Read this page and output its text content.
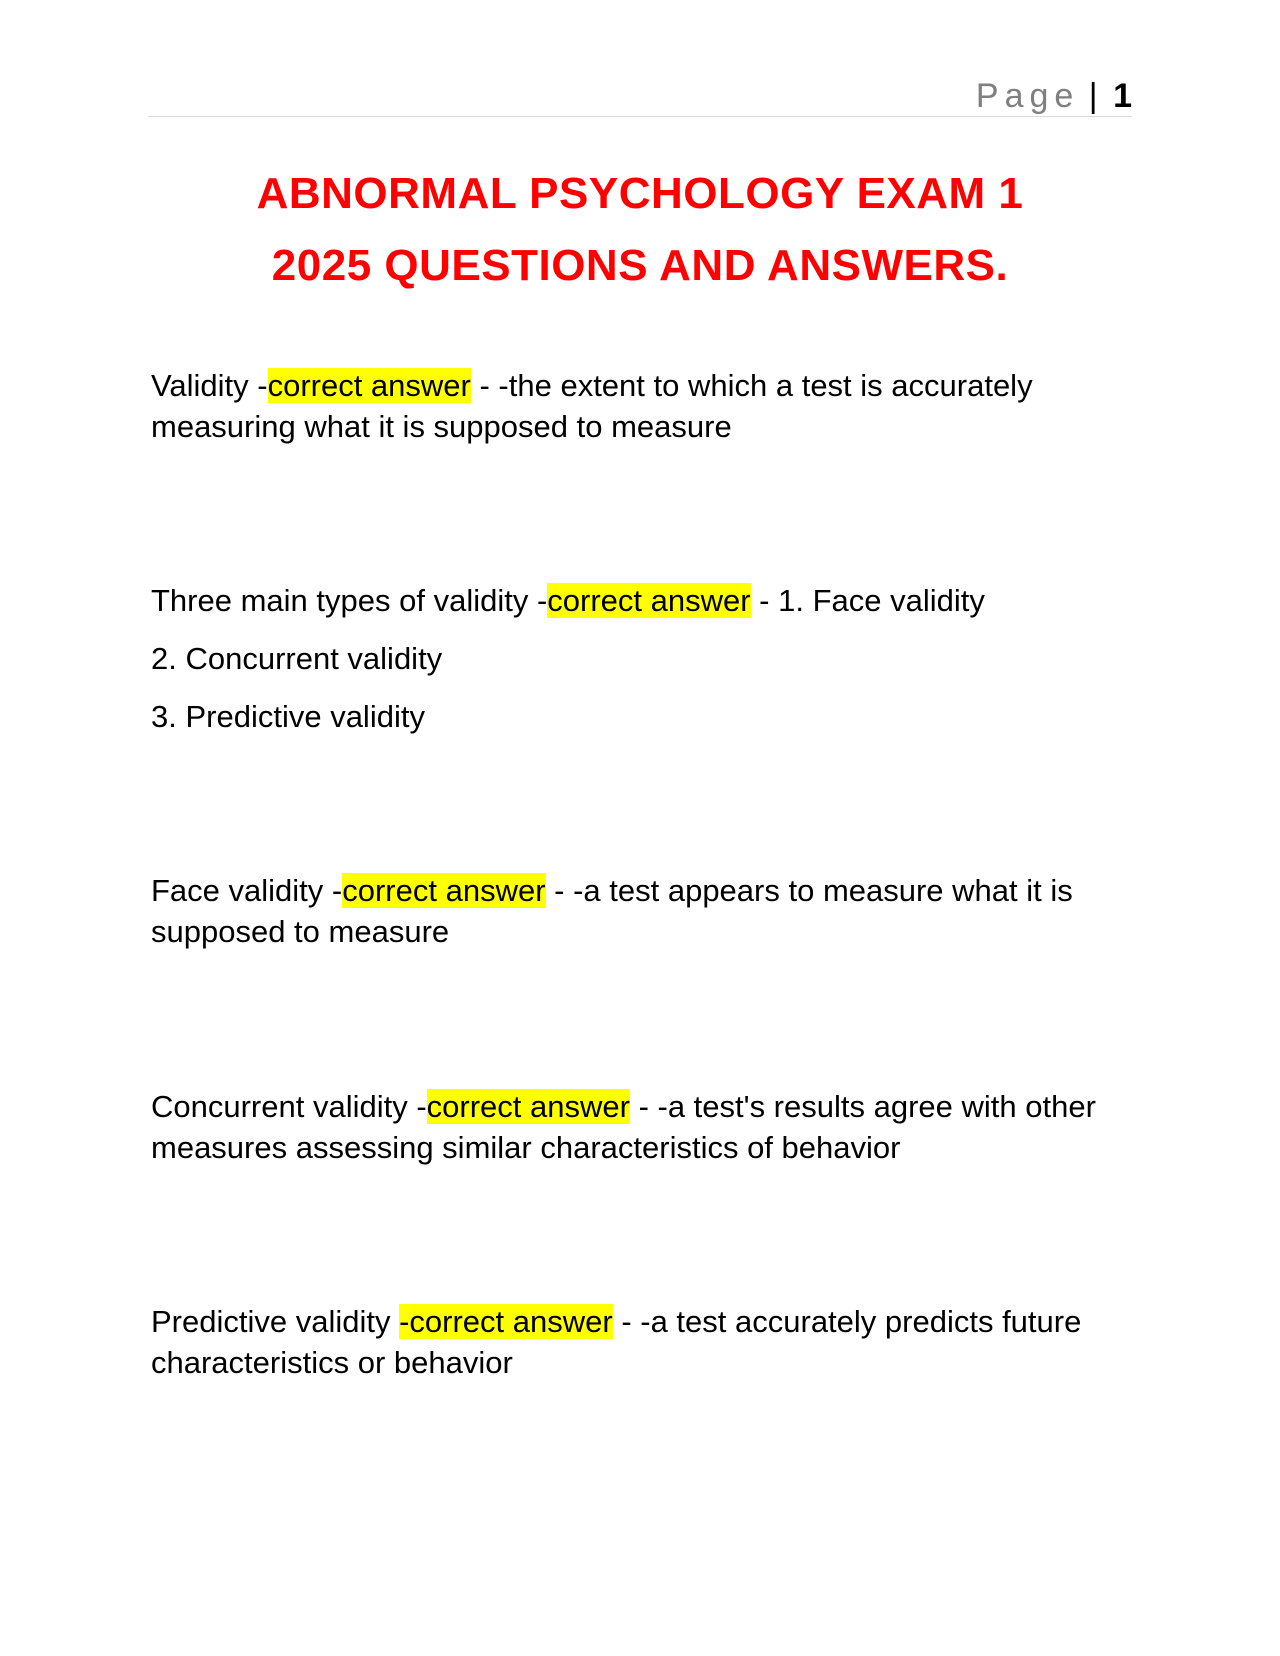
Page | 1
ABNORMAL PSYCHOLOGY EXAM 1
2025 QUESTIONS AND ANSWERS.

Validity -correct answer - -the extent to which a test is accurately measuring what it is supposed to measure

Three main types of validity -correct answer - 1. Face validity

2. Concurrent validity

3. Predictive validity

Face validity -correct answer - -a test appears to measure what it is supposed to measure

Concurrent validity -correct answer - -a test's results agree with other measures assessing similar characteristics of behavior

Predictive validity -correct answer - -a test accurately predicts future characteristics or behavior
